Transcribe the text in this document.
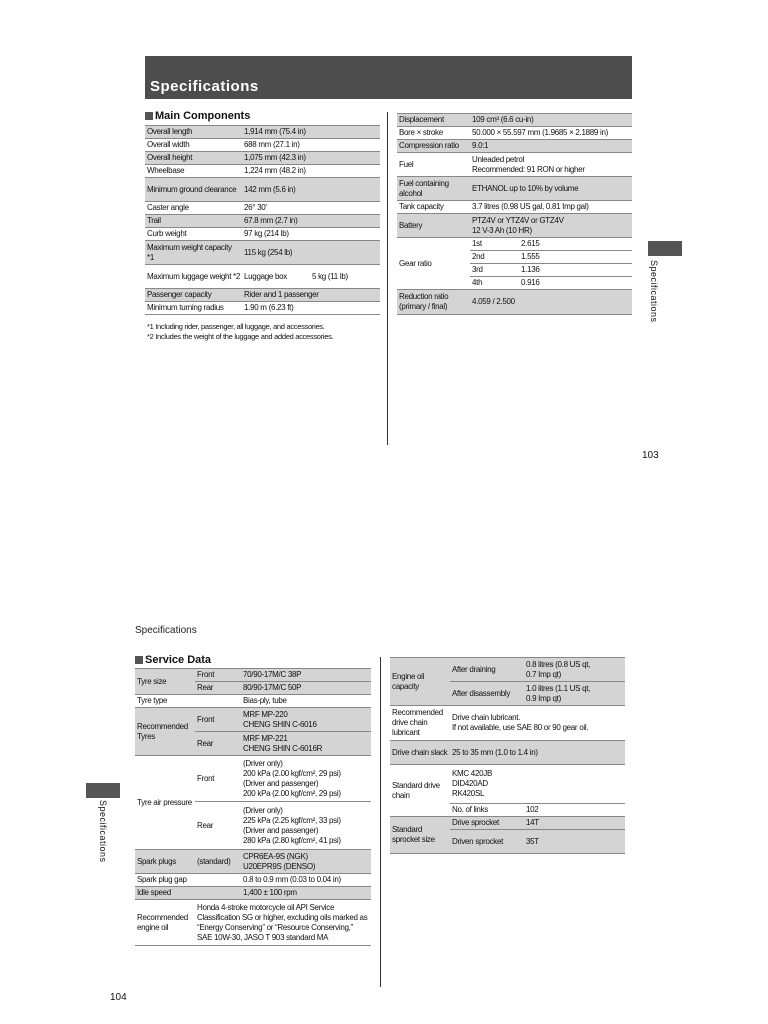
Specifications
Main Components
Overall length	1,914 mm (75.4 in)	
Overall width	688 mm (27.1 in)	
Overall height	1,075 mm (42.3 in)	
Wheelbase	1,224 mm (48.2 in)	
Minimum ground clearance	142 mm (5.6 in)	
Caster angle	26° 30′	
Trail	67.8 mm (2.7 in)	
Curb weight	97 kg (214 lb)	
Maximum weight capacity *1	115 kg (254 lb)	
Maximum luggage weight *2	Luggage box	5 kg (11 lb)
Passenger capacity	Rider and 1 passenger	
Minimum turning radius	1.90 m (6.23 ft)	
*1 Including rider, passenger, all luggage, and accessories.
*2 Includes the weight of the luggage and added accessories.
Displacement	109 cm³ (6.6 cu-in)	
Bore × stroke	50.000 × 55.597 mm (1.9685 × 2.1889 in)	
Compression ratio	9.0:1	
Fuel	Unleaded petrol
Recommended: 91 RON or higher	

Fuel containing alcohol	ETHANOL up to 10% by volume	
Tank capacity	3.7 litres (0.98 US gal, 0.81 Imp gal)	
Battery	PTZ4V or YTZ4V or GTZ4V
12 V-3 Ah (10 HR)	

Gear ratio	1st	2.615
	2nd	1.555
	3rd	1.136
	4th	0.916
Reduction ratio (primary / final)	4.059 / 2.500		Specifications
103
Specifications
Service Data
Tyre size	Front	70/90-17M/C 38P
	Rear	80/90-17M/C 50P
Tyre type		Bias-ply, tube
Recommended Tyres	Front	MRF MP-220
CHENG SHIN C-6016

	Rear	MRF MP-221
CHENG SHIN C-6016R

Tyre air pressure	Front	(Driver only)
200 kPa (2.00 kgf/cm², 29 psi)
(Driver and passenger)
200 kPa (2.00 kgf/cm², 29 psi)

	Rear	(Driver only)
225 kPa (2.25 kgf/cm², 33 psi)
(Driver and passenger)
280 kPa (2.80 kgf/cm², 41 psi)

Spark plugs	(standard)	CPR6EA-9S (NGK)
U20EPR9S (DENSO)

Spark plug gap		0.8 to 0.9 mm (0.03 to 0.04 in)
Idle speed		1,400 ± 100 rpm
Recommended engine oil	Honda 4-stroke motorcycle oil API Service Classification SG or higher, excluding oils marked as “Energy Conserving” or “Resource Conserving,” SAE 10W-30, JASO T 903 standard MA	
Engine oil capacity	After draining	0.8 litres (0.8 US qt,
0.7 Imp qt)

	After disassembly	1.0 litres (1.1 US qt,
0.9 Imp qt)

Recommended drive chain lubricant	Drive chain lubricant.
If not available, use SAE 80 or 90 gear oil.	

Drive chain slack	25 to 35 mm (1.0 to 1.4 in)	
Standard drive chain	KMC 420JB
DID420AD
RK420SL	

	No. of links	102
Standard sprocket size	Drive sprocket	14T
	Driven sprocket	35T
Specifications
104
